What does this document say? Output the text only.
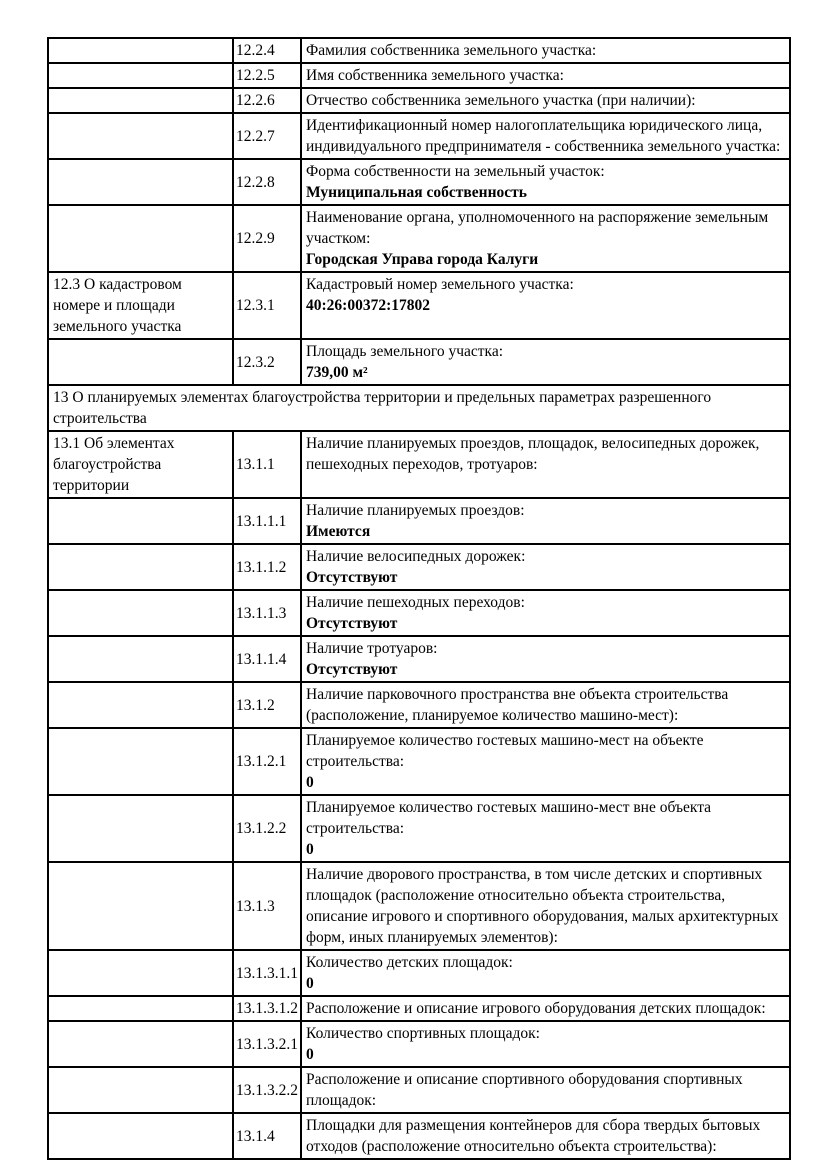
	12.2.4	Фамилия собственника земельного участка:

	12.2.5	Имя собственника земельного участка:

	12.2.6	Отчество собственника земельного участка (при наличии):

	12.2.7	Идентификационный номер налогоплательщика юридического лица, индивидуального предпринимателя - собственника земельного участка:

	12.2.8	Форма собственности на земельный участок:
Муниципальная собственность

	12.2.9	Наименование органа, уполномоченного на распоряжение земельным участком:
Городская Управа города Калуги

12.3 О кадастровом номере и площади земельного участка	12.3.1	Кадастровый номер земельного участка:
40:26:00372:17802

	12.3.2	Площадь земельного участка:
739,00 м²

13 О планируемых элементах благоустройства территории и предельных параметрах разрешенного строительства		
13.1 Об элементах благоустройства территории	13.1.1	Наличие планируемых проездов, площадок, велосипедных дорожек, пешеходных переходов, тротуаров:

	13.1.1.1	Наличие планируемых проездов:
Имеются

	13.1.1.2	Наличие велосипедных дорожек:
Отсутствуют

	13.1.1.3	Наличие пешеходных переходов:
Отсутствуют

	13.1.1.4	Наличие тротуаров:
Отсутствуют

	13.1.2	Наличие парковочного пространства вне объекта строительства (расположение, планируемое количество машино-мест):

	13.1.2.1	Планируемое количество гостевых машино-мест на объекте строительства:
0

	13.1.2.2	Планируемое количество гостевых машино-мест вне объекта строительства:
0

	13.1.3	Наличие дворового пространства, в том числе детских и спортивных площадок (расположение относительно объекта строительства, описание игрового и спортивного оборудования, малых архитектурных форм, иных планируемых элементов):

	13.1.3.1.1	Количество детских площадок:
0

	13.1.3.1.2	Расположение и описание игрового оборудования детских площадок:

	13.1.3.2.1	Количество спортивных площадок:
0

	13.1.3.2.2	Расположение и описание спортивного оборудования спортивных площадок:

	13.1.4	Площадки для размещения контейнеров для сбора твердых бытовых отходов (расположение относительно объекта строительства):
